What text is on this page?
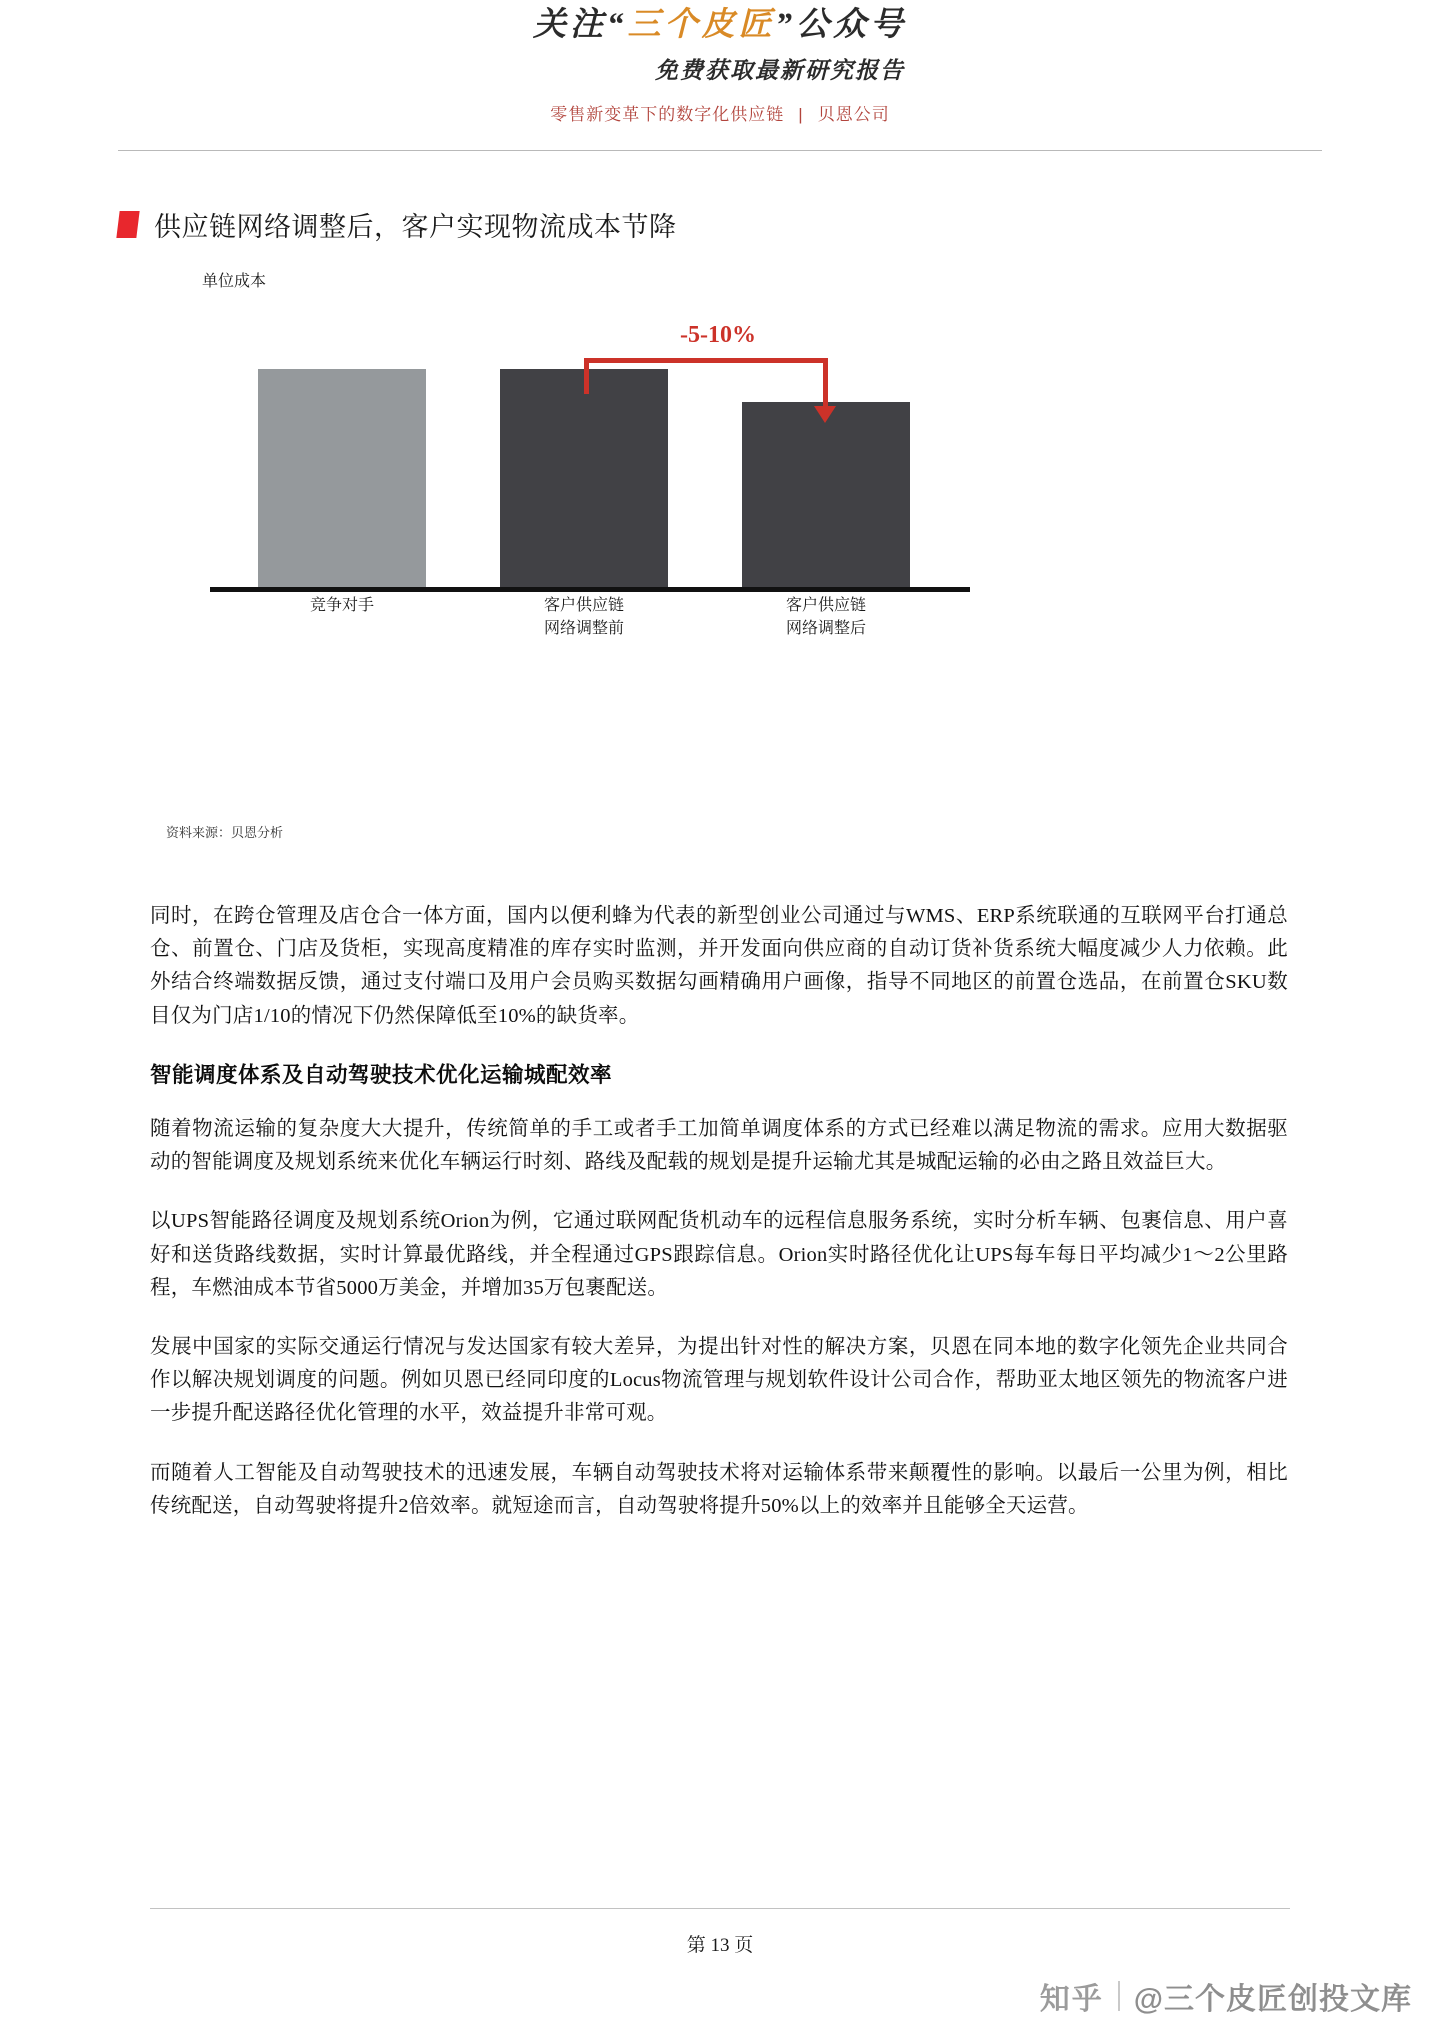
关注“三个皮匠”公众号
免费获取最新研究报告
零售新变革下的数字化供应链 | 贝恩公司
供应链网络调整后，客户实现物流成本节降
单位成本
-5-10%
竞争对手	客户供应链
网络调整前
客户供应链
网络调整后
资料来源：贝恩分析

同时，在跨仓管理及店仓合一体方面，国内以便利蜂为代表的新型创业公司通过与WMS、ERP系统联通的互联网平台打通总仓、前置仓、门店及货柜，实现高度精准的库存实时监测，并开发面向供应商的自动订货补货系统大幅度减少人力依赖。此外结合终端数据反馈，通过支付端口及用户会员购买数据勾画精确用户画像，指导不同地区的前置仓选品，在前置仓SKU数目仅为门店1/10的情况下仍然保障低至10%的缺货率。

智能调度体系及自动驾驶技术优化运输城配效率

随着物流运输的复杂度大大提升，传统简单的手工或者手工加简单调度体系的方式已经难以满足物流的需求。应用大数据驱动的智能调度及规划系统来优化车辆运行时刻、路线及配载的规划是提升运输尤其是城配运输的必由之路且效益巨大。

以UPS智能路径调度及规划系统Orion为例，它通过联网配货机动车的远程信息服务系统，实时分析车辆、包裹信息、用户喜好和送货路线数据，实时计算最优路线，并全程通过GPS跟踪信息。Orion实时路径优化让UPS每车每日平均减少1～2公里路程，车燃油成本节省5000万美金，并增加35万包裹配送。

发展中国家的实际交通运行情况与发达国家有较大差异，为提出针对性的解决方案，贝恩在同本地的数字化领先企业共同合作以解决规划调度的问题。例如贝恩已经同印度的Locus物流管理与规划软件设计公司合作，帮助亚太地区领先的物流客户进一步提升配送路径优化管理的水平，效益提升非常可观。

而随着人工智能及自动驾驶技术的迅速发展，车辆自动驾驶技术将对运输体系带来颠覆性的影响。以最后一公里为例，相比传统配送，自动驾驶将提升2倍效率。就短途而言，自动驾驶将提升50%以上的效率并且能够全天运营。

第 13 页
知乎 @三个皮匠创投文库
